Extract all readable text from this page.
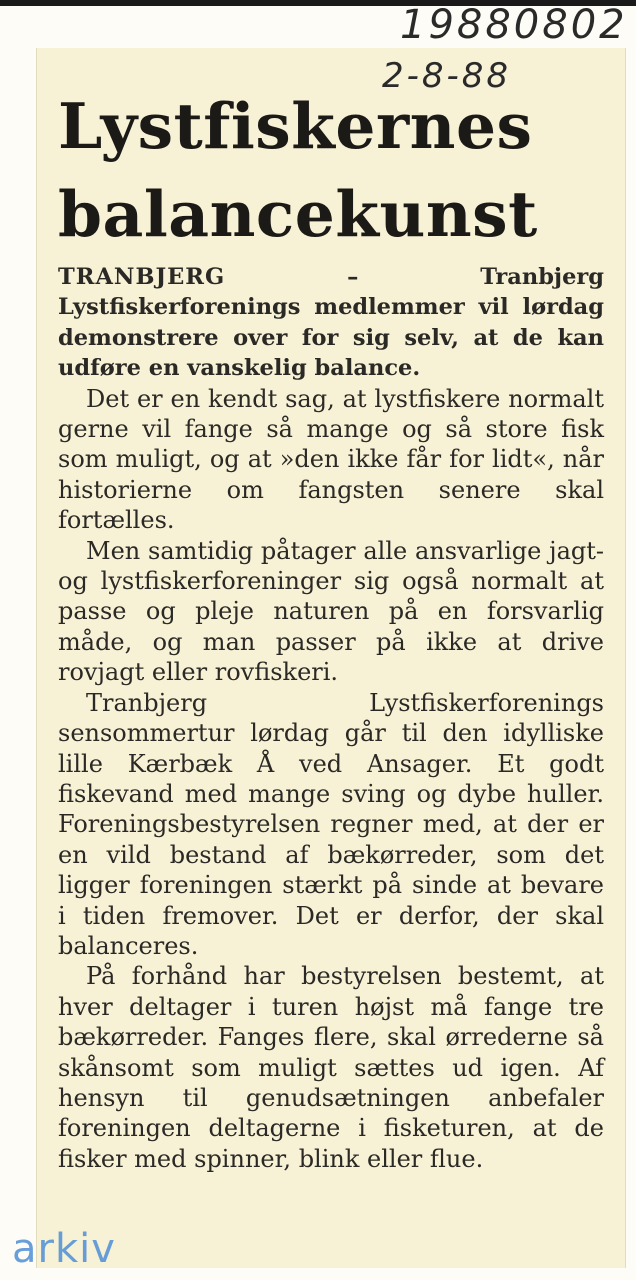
19880802
2-8-88
Lystfiskernes balancekunst

TRANBJERG	–	Tranbjerg Lystfiskerforenings medlemmer vil lørdag demonstrere over for sig selv, at de kan udføre en vanskelig balance.

Det er en kendt sag, at lystfiskere normalt gerne vil fange så mange og så store fisk som muligt, og at »den ikke får for lidt«, når historierne om fangsten senere skal fortælles.

Men samtidig påtager alle ansvarlige jagt- og lystfiskerforeninger sig også normalt at passe og pleje naturen på en forsvarlig måde, og man passer på ikke at drive rovjagt eller rovfiskeri.

Tranbjerg Lystfiskerforenings sensommertur lørdag går til den idylliske lille Kærbæk Å ved Ansager. Et godt fiskevand med mange sving og dybe huller. Foreningsbestyrelsen regner med, at der er en vild bestand af bækørreder, som det ligger foreningen stærkt på sinde at bevare i tiden fremover. Det er derfor, der skal balanceres.

På forhånd har bestyrelsen bestemt, at hver deltager i turen højst må fange tre bækørreder. Fanges flere, skal ørrederne så skånsomt som muligt sættes ud igen. Af hensyn til genudsætningen anbefaler foreningen deltagerne i fisketuren, at de fisker med spinner, blink eller flue.

arkiv
